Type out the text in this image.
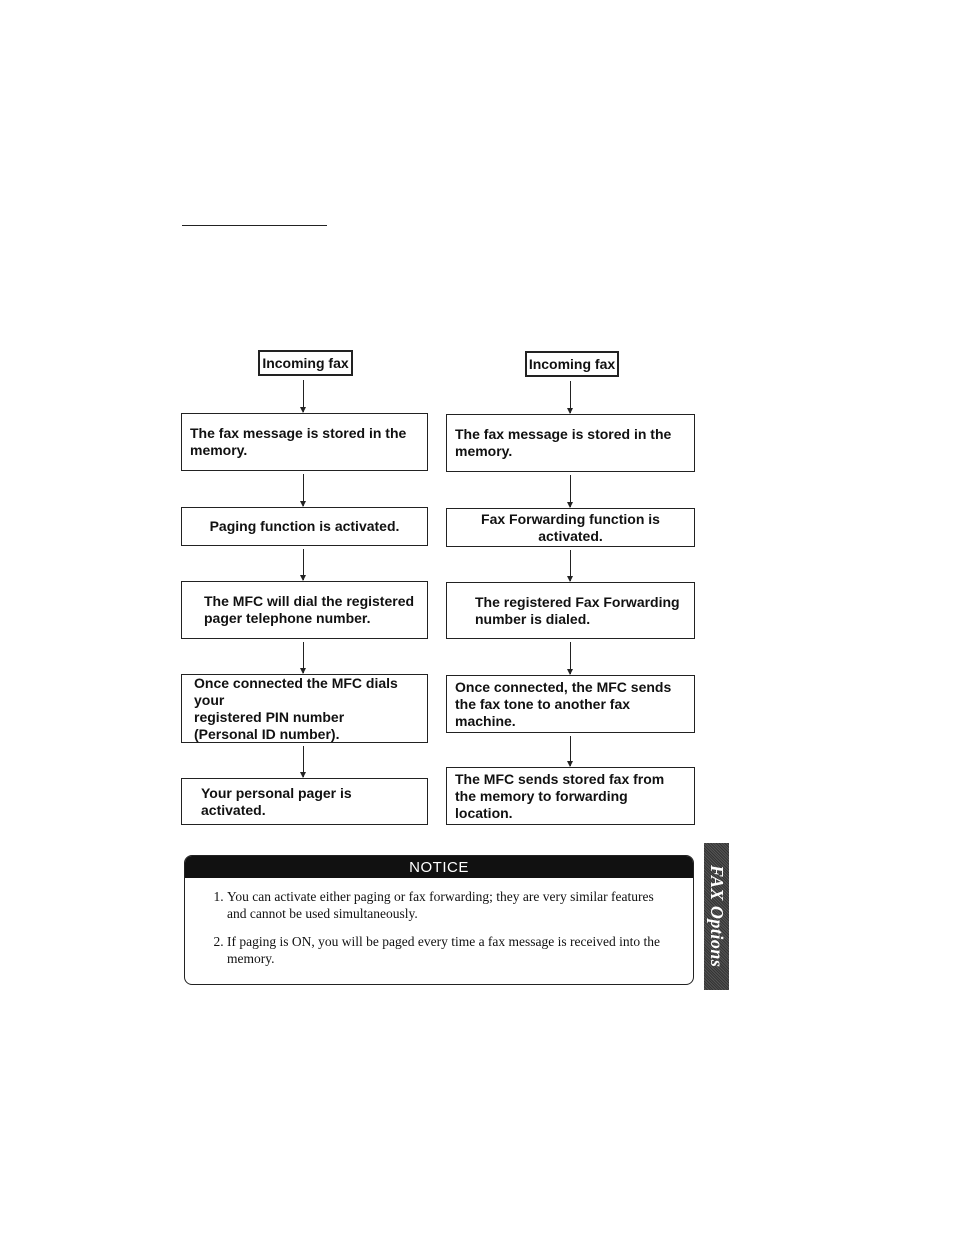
Incoming fax
The fax message is stored in the memory.
Paging function is activated.
The MFC will dial the registered
pager telephone number.
Once connected the MFC dials your
registered PIN number
(Personal ID number).
Your personal pager is activated.
Incoming fax
The fax message is stored in the memory.
Fax Forwarding function is activated.
The registered Fax Forwarding
number is dialed.
Once connected, the MFC sends
the fax tone to another fax machine.
The MFC sends stored fax from
the memory to forwarding location.
NOTICE
1. You can activate either paging or fax forwarding; they are very similar features and cannot be used simultaneously.
2. If paging is ON, you will be paged every time a fax message is received into the memory.	FAX Options
